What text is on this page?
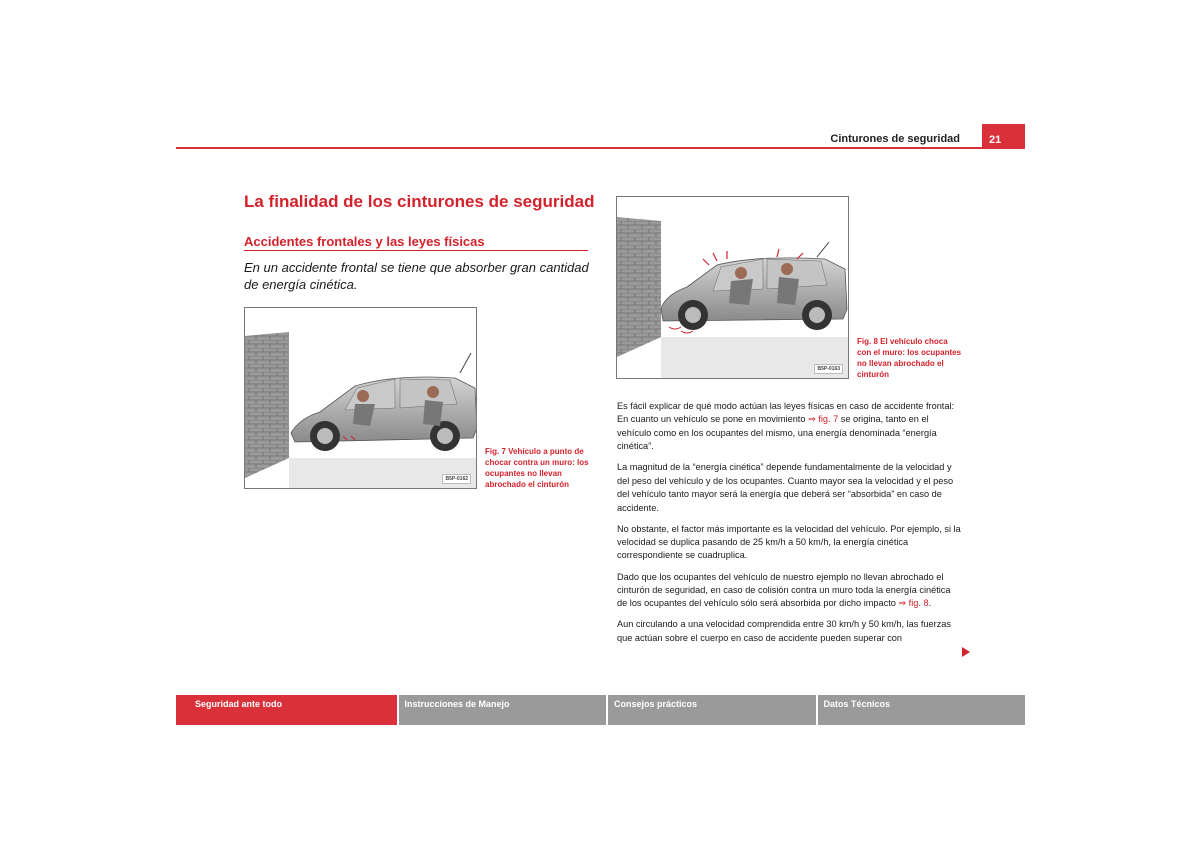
Cinturones de seguridad	21
La finalidad de los cinturones de seguridad
Accidentes frontales y las leyes físicas

En un accidente frontal se tiene que absorber gran cantidad de energía cinética.

B5P-0162
Fig. 7 Vehículo a punto de chocar contra un muro: los ocupantes no llevan abrochado el cinturón
B5P-0163
Fig. 8 El vehículo choca con el muro: los ocupantes no llevan abrochado el cinturón

Es fácil explicar de qué modo actúan las leyes físicas en caso de accidente frontal: En cuanto un vehículo se pone en movimiento ⇒ fig. 7 se origina, tanto en el vehículo como en los ocupantes del mismo, una energía denominada “energía cinética”.

La magnitud de la “energía cinética” depende fundamentalmente de la velocidad y del peso del vehículo y de los ocupantes. Cuanto mayor sea la velocidad y el peso del vehículo tanto mayor será la energía que deberá ser “absorbida” en caso de accidente.

No obstante, el factor más importante es la velocidad del vehículo. Por ejemplo, si la velocidad se duplica pasando de 25 km/h a 50 km/h, la energía cinética correspondiente se cuadruplica.

Dado que los ocupantes del vehículo de nuestro ejemplo no llevan abrochado el cinturón de seguridad, en caso de colisión contra un muro toda la energía cinética de los ocupantes del vehículo sólo será absorbida por dicho impacto ⇒ fig. 8.

Aun circulando a una velocidad comprendida entre 30 km/h y 50 km/h, las fuerzas que actúan sobre el cuerpo en caso de accidente pueden superar con

Seguridad ante todo	Instrucciones de Manejo	Consejos prácticos	Datos Técnicos
